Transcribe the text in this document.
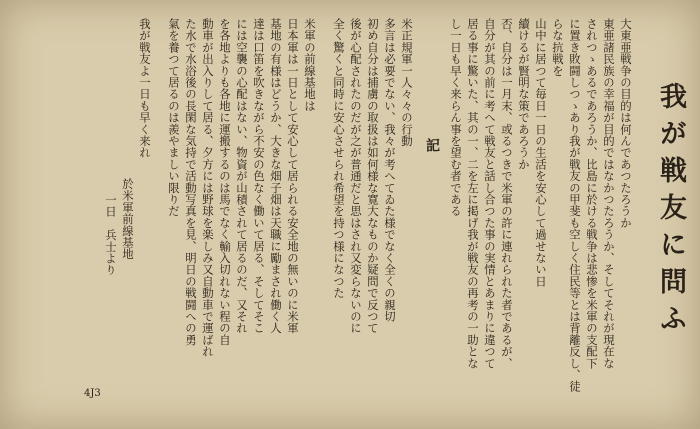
我が戦友に問ふ

大東亜戦争の目的は何んであつたろうか

東亜諸民族の幸福が目的ではなかつたろうか、そしてそれが現在な

されつゝあるであろうか、比島に於ける戦争は悲惨を米軍の支配下

に置き敗闘しつゝあり我が戦友の甲斐も空しく住民等とは背離反し、徒らな抗戦を

山中に居つて毎日一日の生活を安心して過せない日

續けるが賢明な策であろうか

否、自分は一月末、或るつきで米軍の許に連れられた者であるが、

自分が其の前に考へて戦友と話し合つた事の実情とあまりに違つて

居る事に驚いた、其の一、二を左に掲げ我が戦友の再考の一助とな

し一日も早く来らん事を望む者である

記

米正規軍一人々々の行動

多言は必要でない、我々が考へてゐた様でなく全くの親切

初め自分は捕虜の取扱は如何様な寛大なものか疑問で反つて

後が心配されたのだが之が普通だと思はされ又変らないのに

全く驚くと同時に安心させられ希望を持つ様になつた

米軍の前線基地は

日本軍は一日として安心して居られる安全地の無いのに米軍

基地の有様はどうか、大きな畑子畑は天職に勵まされ働く人

達は口笛を吹きながら不安の色なく働いて居る、そしてそこ

には空襲の心配はない、物資が山積されて居るのだ、又それ

を各地よりも各地に運搬するのは馬でなく輸入切れない程の自

動車が出入りして居る、夕方には野球を楽しみ又自動車で運ばれ

た水で水浴後の長閑な気持で活動写真を見、明日の戦闘への勇

氣を養つて居るのは羨やましい限りだ

我が戦友よ一日も早く来れ

於米軍前線基地

一日　兵士より

4J3
